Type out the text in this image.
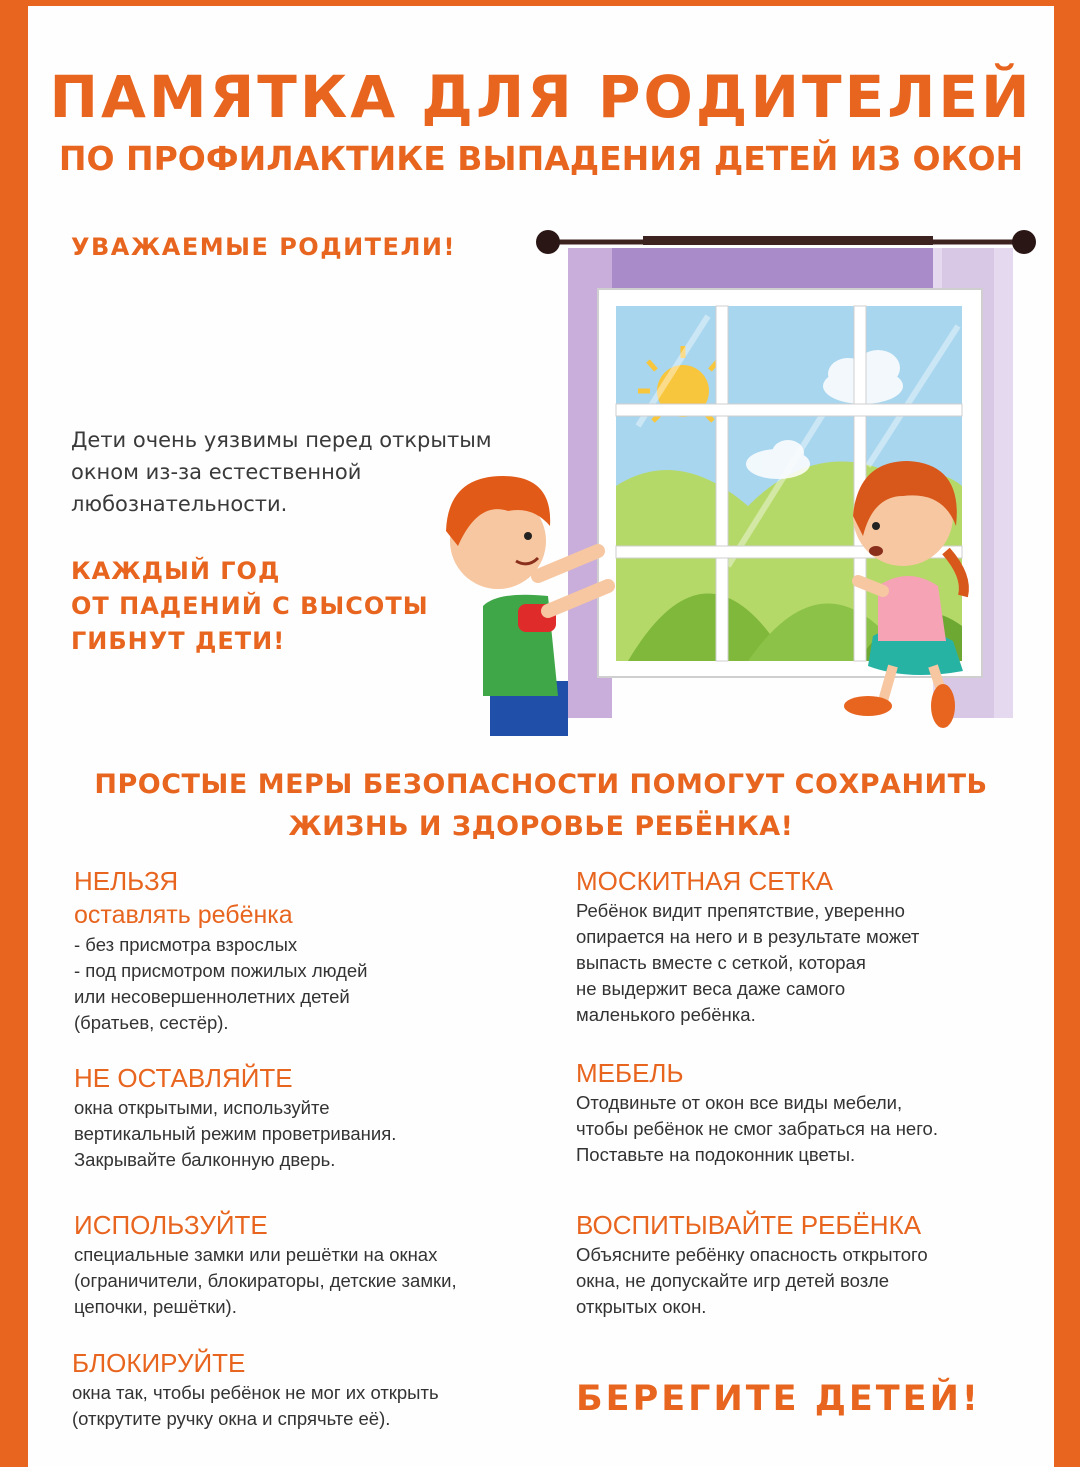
ПАМЯТКА ДЛЯ РОДИТЕЛЕЙ
ПО ПРОФИЛАКТИКЕ ВЫПАДЕНИЯ ДЕТЕЙ ИЗ ОКОН
УВАЖАЕМЫЕ РОДИТЕЛИ!
Дети очень уязвимы перед открытым
окном из-за естественной
любознательности.
КАЖДЫЙ ГОД
ОТ ПАДЕНИЙ С ВЫСОТЫ
ГИБНУТ ДЕТИ!
ПРОСТЫЕ МЕРЫ БЕЗОПАСНОСТИ ПОМОГУТ СОХРАНИТЬ
ЖИЗНЬ И ЗДОРОВЬЕ РЕБЁНКА!
НЕЛЬЗЯ
оставлять ребёнка

- без присмотра взрослых

- под присмотром пожилых людей

или несовершеннолетних детей

(братьев, сестёр).

НЕ ОСТАВЛЯЙТЕ

окна открытыми, используйте

вертикальный режим проветривания.

Закрывайте балконную дверь.

ИСПОЛЬЗУЙТЕ

специальные замки или решётки на окнах

(ограничители, блокираторы, детские замки,

цепочки, решётки).

БЛОКИРУЙТЕ

окна так, чтобы ребёнок не мог их открыть

(открутите ручку окна и спрячьте её).

МОСКИТНАЯ СЕТКА

Ребёнок видит препятствие, уверенно

опирается на него и в результате может

выпасть вместе с сеткой, которая

не выдержит веса даже самого

маленького ребёнка.

МЕБЕЛЬ

Отодвиньте от окон все виды мебели,

чтобы ребёнок не смог забраться на него.

Поставьте на подоконник цветы.

ВОСПИТЫВАЙТЕ РЕБЁНКА

Объясните ребёнку опасность открытого

окна, не допускайте игр детей возле

открытых окон.

БЕРЕГИТЕ ДЕТЕЙ!
